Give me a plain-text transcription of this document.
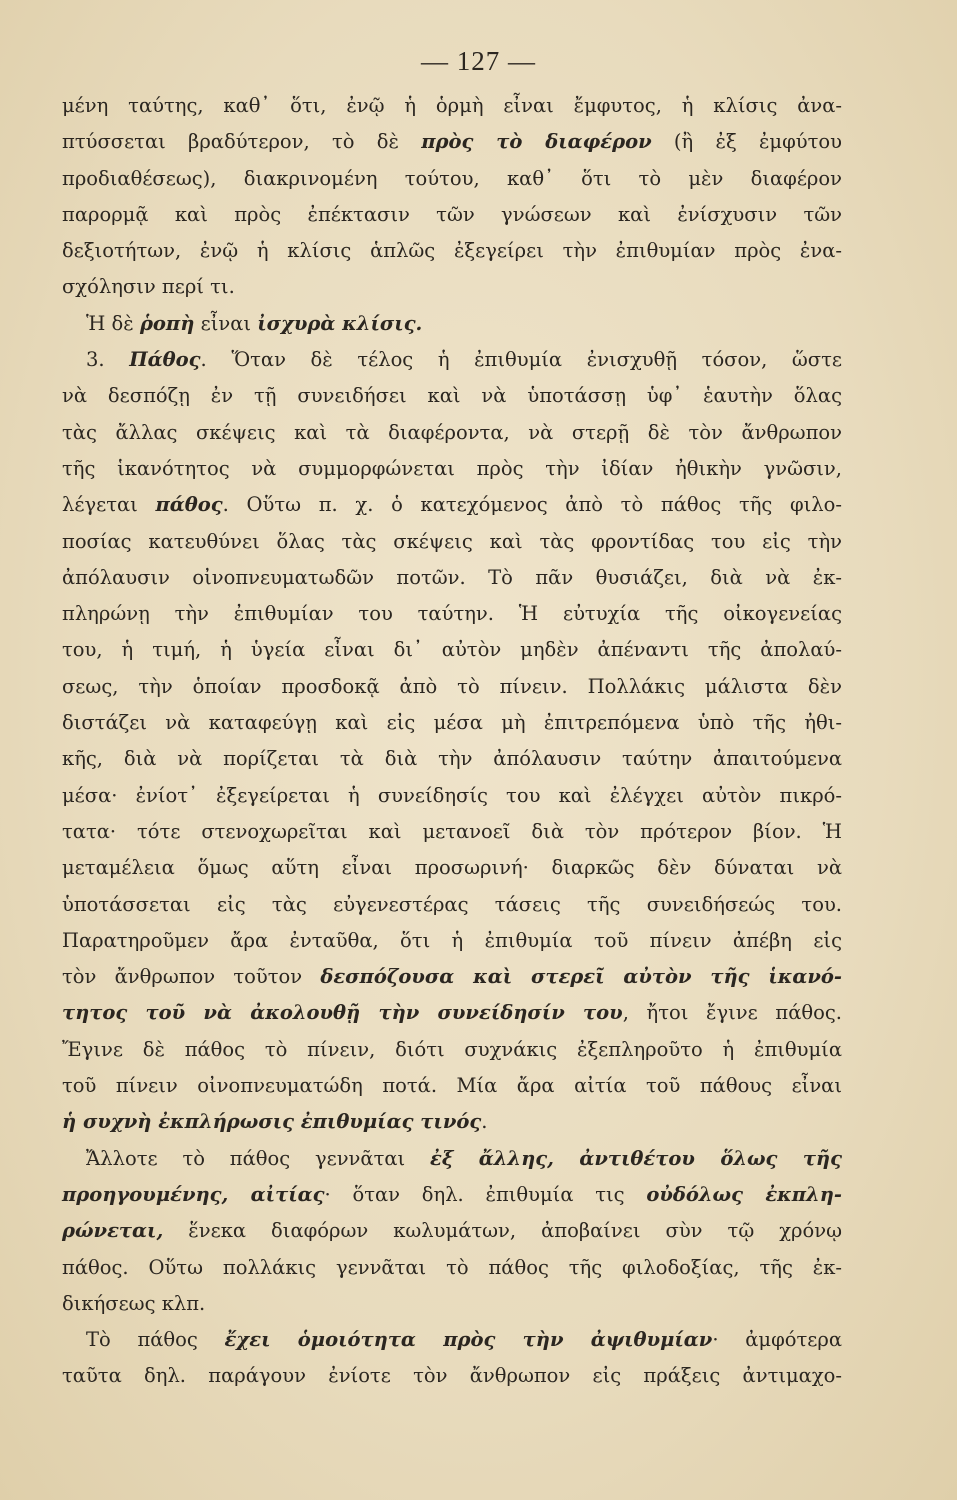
— 127 —
μένη ταύτης, καθ᾿ ὅτι, ἐνῷ ἡ ὁρμὴ εἶναι ἔμφυτος, ἡ κλίσις ἀνα-
πτύσσεται βραδύτερον, τὸ δὲ πρὸς τὸ διαφέρον (ἢ ἐξ ἐμφύτου
προδιαθέσεως), διακρινομένη τούτου, καθ᾿ ὅτι τὸ μὲν διαφέρον
παρορμᾷ καὶ πρὸς ἐπέκτασιν τῶν γνώσεων καὶ ἐνίσχυσιν τῶν
δεξιοτήτων, ἐνῷ ἡ κλίσις ἁπλῶς ἐξεγείρει τὴν ἐπιθυμίαν πρὸς ἐνα-
σχόλησιν περί τι.
Ἡ δὲ ῥοπὴ εἶναι ἰσχυρὰ κλίσις.
3. Πάθος. Ὅταν δὲ τέλος ἡ ἐπιθυμία ἐνισχυθῇ τόσον, ὥστε
νὰ δεσπόζῃ ἐν τῇ συνειδήσει καὶ νὰ ὑποτάσσῃ ὑφ᾿ ἑαυτὴν ὅλας
τὰς ἄλλας σκέψεις καὶ τὰ διαφέροντα, νὰ στερῇ δὲ τὸν ἄνθρωπον
τῆς ἱκανότητος νὰ συμμορφώνεται πρὸς τὴν ἰδίαν ἠθικὴν γνῶσιν,
λέγεται πάθος. Οὕτω π. χ. ὁ κατεχόμενος ἀπὸ τὸ πάθος τῆς φιλο-
ποσίας κατευθύνει ὅλας τὰς σκέψεις καὶ τὰς φροντίδας του εἰς τὴν
ἀπόλαυσιν οἰνοπνευματωδῶν ποτῶν. Τὸ πᾶν θυσιάζει, διὰ νὰ ἐκ-
πληρώνῃ τὴν ἐπιθυμίαν του ταύτην. Ἡ εὐτυχία τῆς οἰκογενείας
του, ἡ τιμή, ἡ ὑγεία εἶναι δι᾿ αὐτὸν μηδὲν ἀπέναντι τῆς ἀπολαύ-
σεως, τὴν ὁποίαν προσδοκᾷ ἀπὸ τὸ πίνειν. Πολλάκις μάλιστα δὲν
διστάζει νὰ καταφεύγῃ καὶ εἰς μέσα μὴ ἐπιτρεπόμενα ὑπὸ τῆς ἠθι-
κῆς, διὰ νὰ πορίζεται τὰ διὰ τὴν ἀπόλαυσιν ταύτην ἀπαιτούμενα
μέσα· ἐνίοτ᾿ ἐξεγείρεται ἡ συνείδησίς του καὶ ἐλέγχει αὐτὸν πικρό-
τατα· τότε στενοχωρεῖται καὶ μετανοεῖ διὰ τὸν πρότερον βίον. Ἡ
μεταμέλεια ὅμως αὕτη εἶναι προσωρινή· διαρκῶς δὲν δύναται νὰ
ὑποτάσσεται εἰς τὰς εὐγενεστέρας τάσεις τῆς συνειδήσεώς του.
Παρατηροῦμεν ἄρα ἐνταῦθα, ὅτι ἡ ἐπιθυμία τοῦ πίνειν ἀπέβη εἰς
τὸν ἄνθρωπον τοῦτον δεσπόζουσα καὶ στερεῖ αὐτὸν τῆς ἱκανό-
τητος τοῦ νὰ ἀκολουθῇ τὴν συνείδησίν του, ἤτοι ἔγινε πάθος.
Ἔγινε δὲ πάθος τὸ πίνειν, διότι συχνάκις ἐξεπληροῦτο ἡ ἐπιθυμία
τοῦ πίνειν οἰνοπνευματώδη ποτά. Μία ἄρα αἰτία τοῦ πάθους εἶναι
ἡ συχνὴ ἐκπλήρωσις ἐπιθυμίας τινός.
Ἄλλοτε τὸ πάθος γεννᾶται ἐξ ἄλλης, ἀντιθέτου ὅλως τῆς
προηγουμένης, αἰτίας· ὅταν δηλ. ἐπιθυμία τις οὐδόλως ἐκπλη-
ρώνεται, ἕνεκα διαφόρων κωλυμάτων, ἀποβαίνει σὺν τῷ χρόνῳ
πάθος. Οὕτω πολλάκις γεννᾶται τὸ πάθος τῆς φιλοδοξίας, τῆς ἐκ-
δικήσεως κλπ.
Τὸ πάθος ἔχει ὁμοιότητα πρὸς τὴν ἀψιθυμίαν· ἀμφότερα
ταῦτα δηλ. παράγουν ἐνίοτε τὸν ἄνθρωπον εἰς πράξεις ἀντιμαχο-
